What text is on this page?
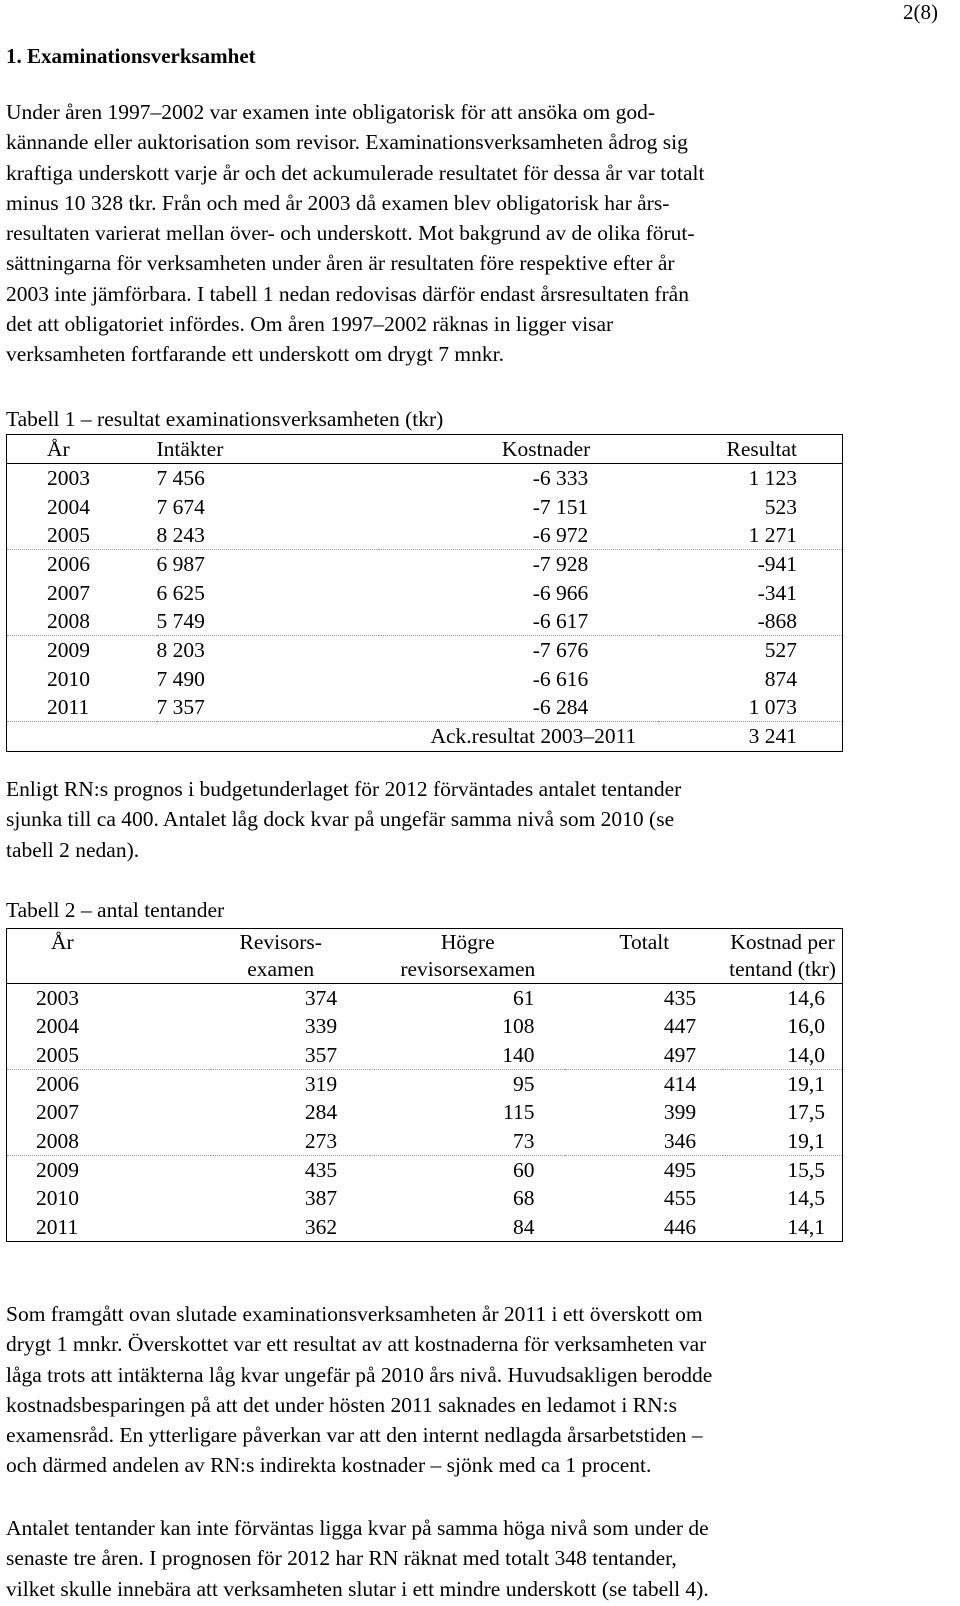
2(8)
1. Examinationsverksamhet

Under åren 1997–2002 var examen inte obligatorisk för att ansöka om god-
kännande eller auktorisation som revisor. Examinationsverksamheten ådrog sig
kraftiga underskott varje år och det ackumulerade resultatet för dessa år var totalt
minus 10 328 tkr. Från och med år 2003 då examen blev obligatorisk har års-
resultaten varierat mellan över- och underskott. Mot bakgrund av de olika förut-
sättningarna för verksamheten under åren är resultaten före respektive efter år
2003 inte jämförbara. I tabell 1 nedan redovisas därför endast årsresultaten från
det att obligatoriet infördes. Om åren 1997–2002 räknas in ligger visar
verksamheten fortfarande ett underskott om drygt 7 mnkr.

Tabell 1 – resultat examinationsverksamheten (tkr)
År	Intäkter	Kostnader	Resultat
2003	7 456	-6 333	1 123
2004	7 674	-7 151	523
2005	8 243	-6 972	1 271
2006	6 987	-7 928	-941
2007	6 625	-6 966	-341
2008	5 749	-6 617	-868
2009	8 203	-7 676	527
2010	7 490	-6 616	874
2011	7 357	-6 284	1 073
		Ack.resultat 2003–2011	3 241

Enligt RN:s prognos i budgetunderlaget för 2012 förväntades antalet tentander
sjunka till ca 400. Antalet låg dock kvar på ungefär samma nivå som 2010 (se
tabell 2 nedan).

Tabell 2 – antal tentander
År	Revisors-	Högre	Totalt	Kostnad per
	examen	revisorsexamen		tentand (tkr)
2003	374	61	435	14,6
2004	339	108	447	16,0
2005	357	140	497	14,0
2006	319	95	414	19,1
2007	284	115	399	17,5
2008	273	73	346	19,1
2009	435	60	495	15,5
2010	387	68	455	14,5
2011	362	84	446	14,1

Som framgått ovan slutade examinationsverksamheten år 2011 i ett överskott om
drygt 1 mnkr. Överskottet var ett resultat av att kostnaderna för verksamheten var
låga trots att intäkterna låg kvar ungefär på 2010 års nivå. Huvudsakligen berodde
kostnadsbesparingen på att det under hösten 2011 saknades en ledamot i RN:s
examensråd. En ytterligare påverkan var att den internt nedlagda årsarbetstiden –
och därmed andelen av RN:s indirekta kostnader – sjönk med ca 1 procent.

Antalet tentander kan inte förväntas ligga kvar på samma höga nivå som under de
senaste tre åren. I prognosen för 2012 har RN räknat med totalt 348 tentander,
vilket skulle innebära att verksamheten slutar i ett mindre underskott (se tabell 4).
